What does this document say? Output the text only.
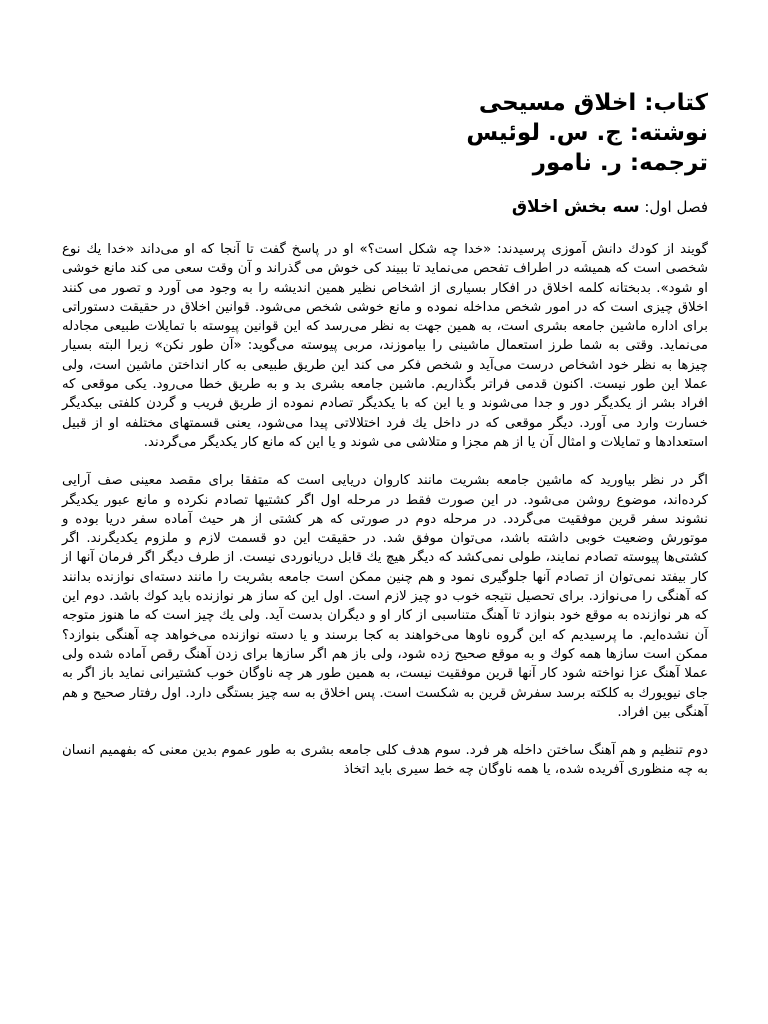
کتاب: اخلاق مسیحی

نوشته: ج. س. لوئیس

ترجمه: ر. نامور

فصل اول: سه بخش اخلاق

گویند از کودك دانش آموزی پرسیدند: «خدا چه شکل است؟» او در پاسخ گفت تا آنجا که او می‌داند «خدا یك نوع شخصی است که همیشه در اطراف تفحص می‌نماید تا ببیند کی خوش می گذراند و آن وقت سعی می کند مانع خوشی او شود». بدبختانه کلمه اخلاق در افکار بسیاری از اشخاص نظیر همین اندیشه را به وجود می آورد و تصور می کنند اخلاق چیزی است که در امور شخص مداخله نموده و مانع خوشی شخص می‌شود. قوانین اخلاق در حقیقت دستوراتی برای اداره ماشین جامعه بشری است، به همین جهت به نظر می‌رسد که این قوانین پیوسته با تمایلات طبیعی مجادله می‌نماید. وقتی به شما طرز استعمال ماشینی را بیاموزند، مربی پیوسته می‌گوید: «آن طور نکن» زیرا البته بسیار چیزها به نظر خود اشخاص درست می‌آید و شخص فکر می کند این طریق طبیعی به کار انداختن ماشین است، ولی عملا این طور نیست. اکنون قدمی فراتر بگذاریم. ماشین جامعه بشری بد و به طریق خطا می‌رود. یکی موقعی که افراد بشر از یکدیگر دور و جدا می‌شوند و یا این که با یکدیگر تصادم نموده از طریق فریب و گردن کلفتی بیکدیگر خسارت وارد می آورد. دیگر موقعی که در داخل یك فرد اختلالاتی پیدا می‌شود، یعنی قسمتهای مختلفه او از قبیل استعدادها و تمایلات و امثال آن یا از هم مجزا و متلاشی می شوند و یا این که مانع کار یکدیگر می‌گردند.

اگر در نظر بیاورید که ماشین جامعه بشریت مانند کاروان دریایی است که متفقا برای مقصد معینی صف آرایی کرده‌اند، موضوع روشن می‌شود. در این صورت فقط در مرحله اول اگر کشتیها تصادم نکرده و مانع عبور یکدیگر نشوند سفر قرین موفقیت می‌گردد. در مرحله دوم در صورتی که هر کشتی از هر حیث آماده سفر دریا بوده و موتورش وضعیت خوبی داشته باشد، می‌توان موفق شد. در حقیقت این دو قسمت لازم و ملزوم یکدیگرند. اگر کشتی‌ها پیوسته تصادم نمایند، طولی نمی‌کشد که دیگر هیچ یك قابل دریانوردی نیست. از طرف دیگر اگر فرمان آنها از کار بیفتد نمی‌توان از تصادم آنها جلوگیری نمود و هم چنین ممکن است جامعه بشریت را مانند دسته‌ای نوازنده بدانند که آهنگی را می‌نوازد. برای تحصیل نتیجه خوب دو چیز لازم است. اول این که ساز هر نوازنده باید کوك باشد. دوم این که هر نوازنده به موقع خود بنوازد تا آهنگ متناسبی از کار او و دیگران بدست آید. ولی یك چیز است که ما هنوز متوجه آن نشده‌ایم. ما پرسیدیم که این گروه ناوها می‌خواهند به کجا برسند و یا دسته نوازنده می‌خواهد چه آهنگی بنوازد؟ ممکن است سازها همه کوك و به موقع صحیح زده شود، ولی باز هم اگر سازها برای زدن آهنگ رقص آماده شده ولی عملا آهنگ عزا نواخته شود کار آنها قرین موفقیت نیست، به همین طور هر چه ناوگان خوب کشتیرانی نماید باز اگر به جای نیویورك به کلکته برسد سفرش قرین به شکست است. پس اخلاق به سه چیز بستگی دارد. اول رفتار صحیح و هم آهنگی بین افراد.

دوم تنظیم و هم آهنگ ساختن داخله هر فرد. سوم هدف کلی جامعه بشری به طور عموم بدین معنی که بفهمیم انسان به چه منظوری آفریده شده، یا همه ناوگان چه خط سیری باید اتخاذ
